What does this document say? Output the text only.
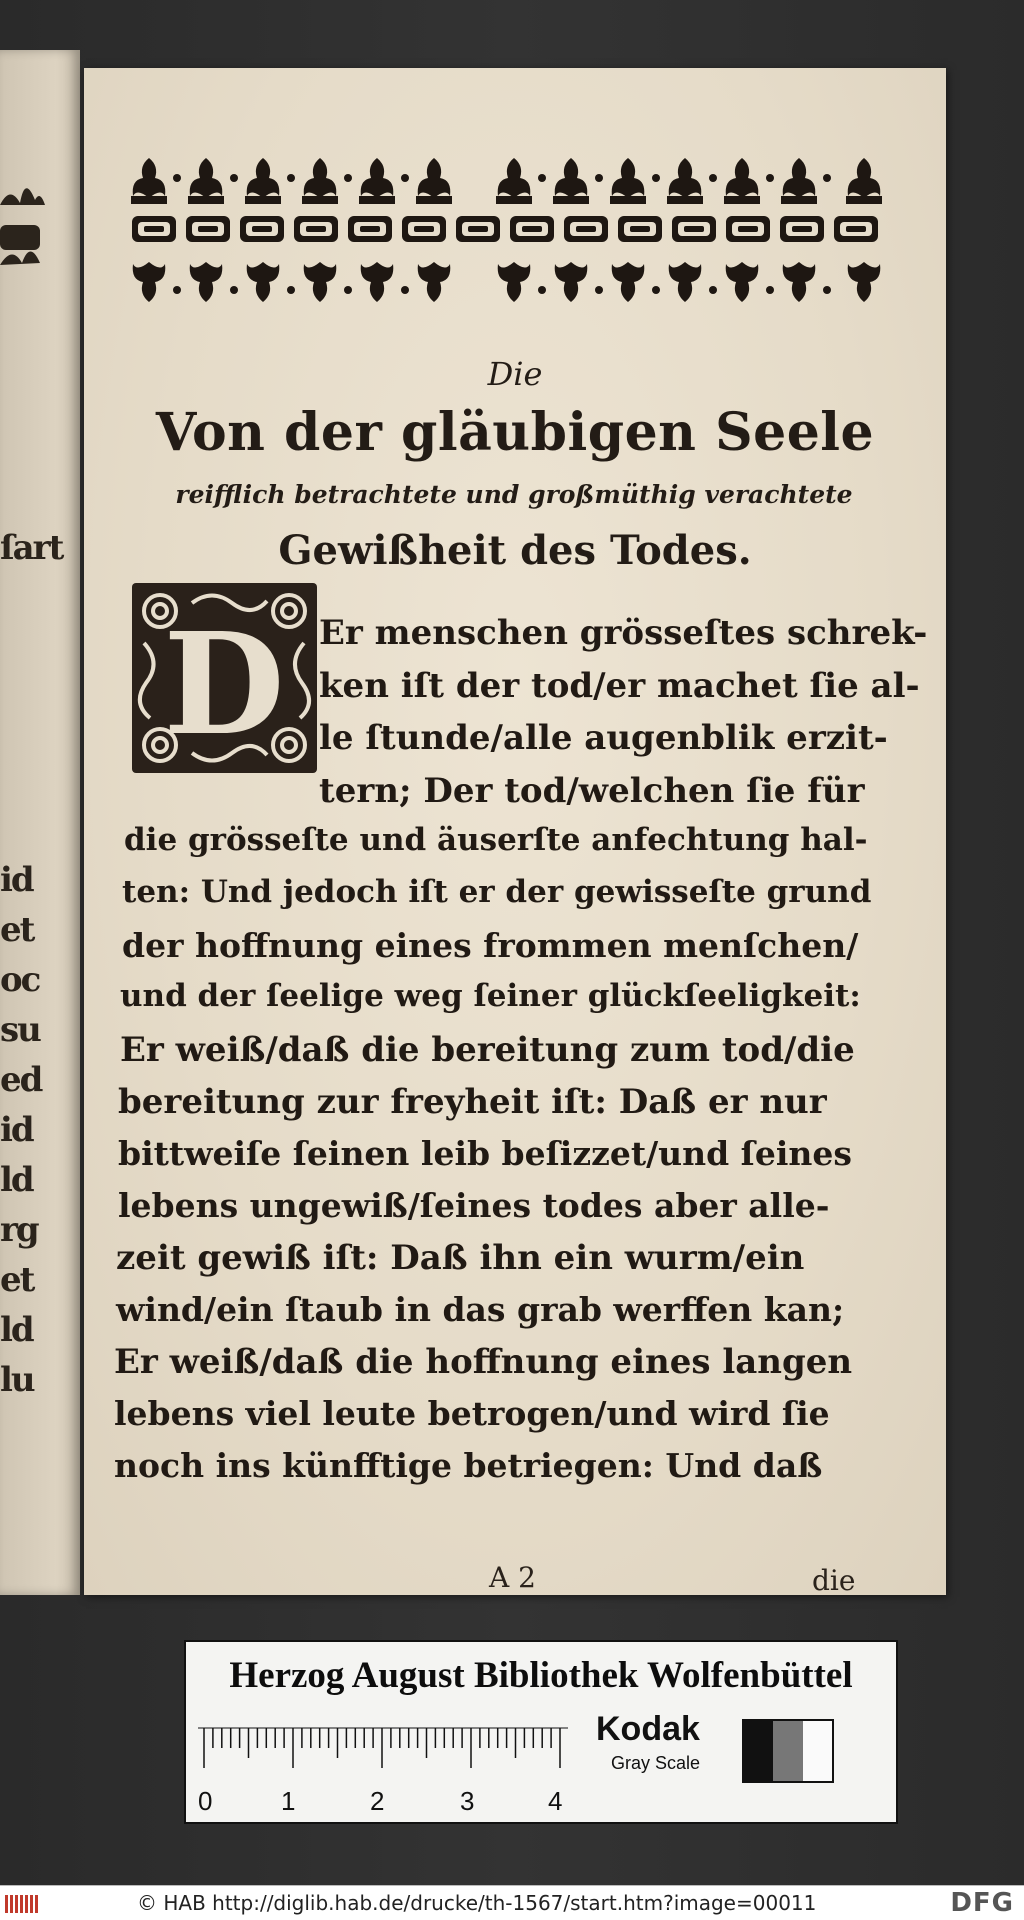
ſart
id
et
oc
su
ed
id
ld
rg
et
ld
lu
Die
Von der gläubigen Seele
reifflich betrachtete und großmüthig verachtete
Gewißheit des Todes.
D Er menschen grösseſtes schrek-
ken iſt der tod/er machet ſie al-
le ſtunde/alle augenblik erzit-
tern; Der tod/welchen ſie für
die grösseſte und äuserſte anfechtung hal-
ten: Und jedoch iſt er der gewisseſte grund
der hoffnung eines frommen menſchen/
und der ſeelige weg ſeiner glückſeeligkeit:
Er weiß/daß die bereitung zum tod/die
bereitung zur freyheit iſt: Daß er nur
bittweiſe ſeinen leib beſizzet/und ſeines
lebens ungewiß/ſeines todes aber alle-
zeit gewiß iſt: Daß ihn ein wurm/ein
wind/ein ſtaub in das grab werffen kan;
Er weiß/daß die hoffnung eines langen
lebens viel leute betrogen/und wird ſie
noch ins künfftige betriegen: Und daß
A 2	die
Herzog August Bibliothek Wolfenbüttel
0	1	2	3	4
Kodak
Gray Scale
© HAB http://diglib.hab.de/drucke/th-1567/start.htm?image=00011	DFG
